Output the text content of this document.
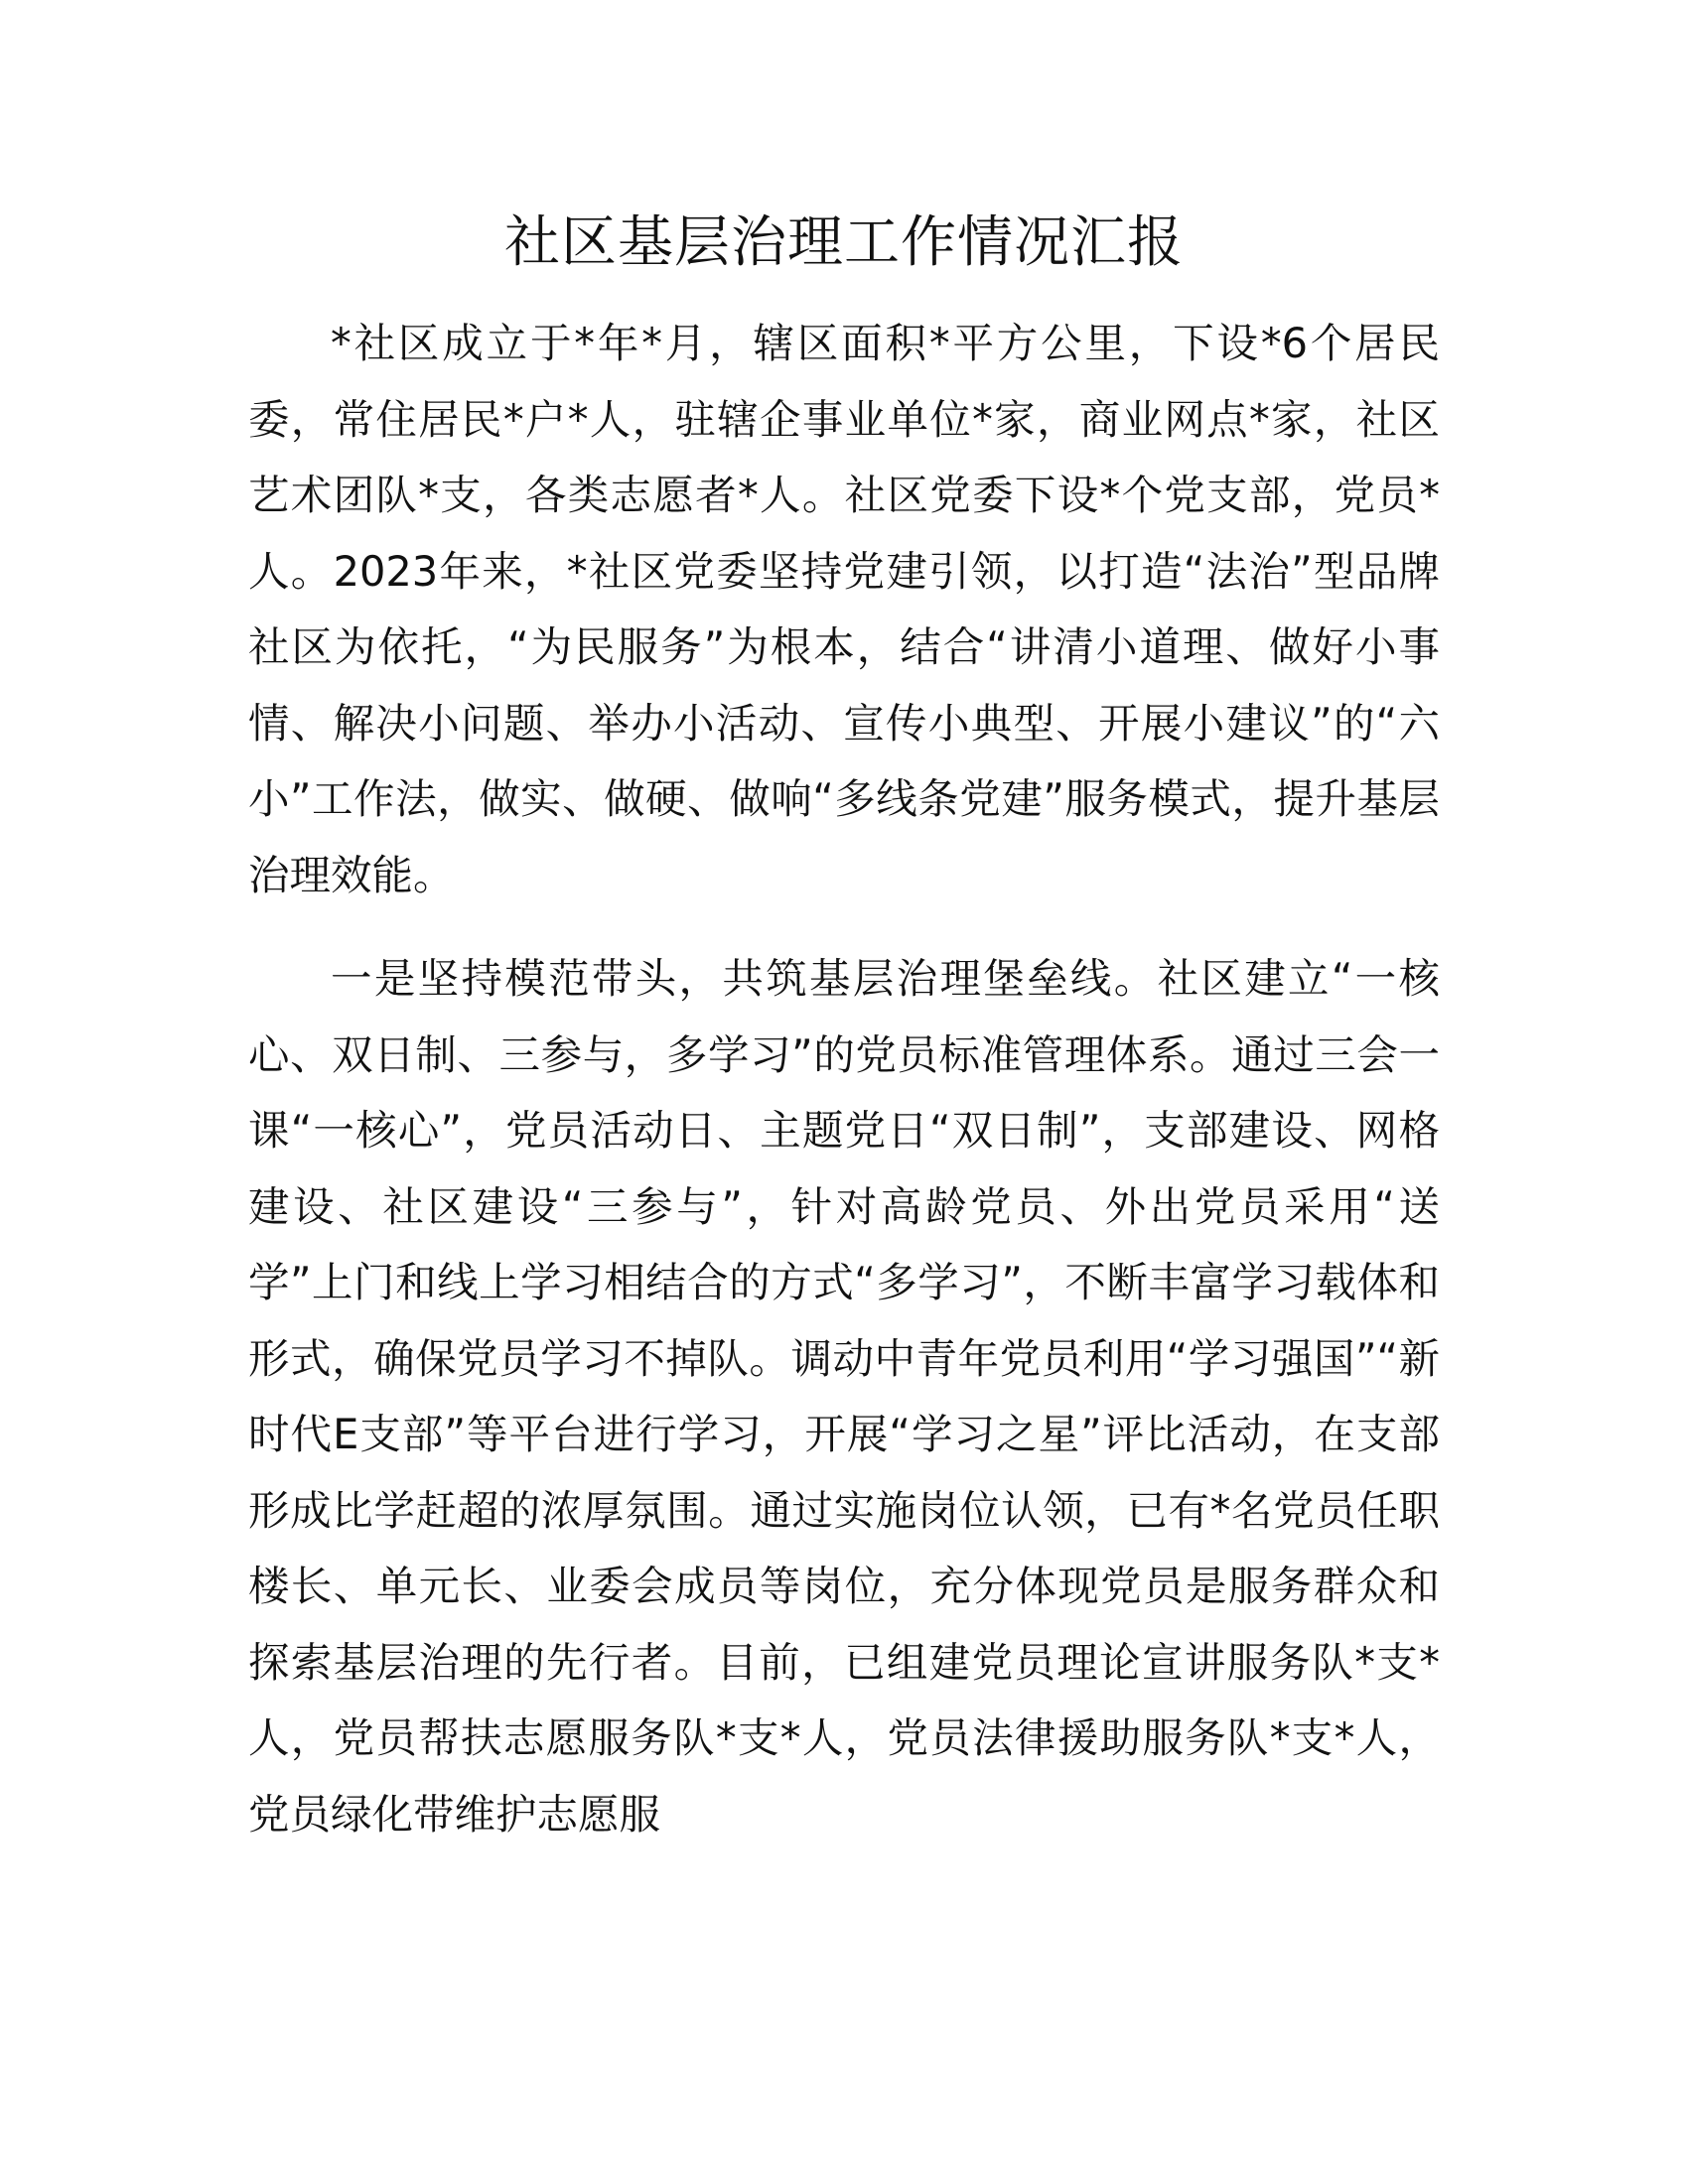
社区基层治理工作情况汇报

*社区成立于*年*月，辖区面积*平方公里，下设*6个居民委，常住居民*户*人，驻辖企事业单位*家，商业网点*家，社区艺术团队*支，各类志愿者*人。社区党委下设*个党支部，党员*人。2023年来，*社区党委坚持党建引领，以打造“法治”型品牌社区为依托，“为民服务”为根本，结合“讲清小道理、做好小事情、解决小问题、举办小活动、宣传小典型、开展小建议”的“六小”工作法，做实、做硬、做响“多线条党建”服务模式，提升基层治理效能。

一是坚持模范带头，共筑基层治理堡垒线。社区建立“一核心、双日制、三参与，多学习”的党员标准管理体系。通过三会一课“一核心”，党员活动日、主题党日“双日制”，支部建设、网格建设、社区建设“三参与”，针对高龄党员、外出党员采用“送学”上门和线上学习相结合的方式“多学习”，不断丰富学习载体和形式，确保党员学习不掉队。调动中青年党员利用“学习强国”“新时代E支部”等平台进行学习，开展“学习之星”评比活动，在支部形成比学赶超的浓厚氛围。通过实施岗位认领，已有*名党员任职楼长、单元长、业委会成员等岗位，充分体现党员是服务群众和探索基层治理的先行者。目前，已组建党员理论宣讲服务队*支*人，党员帮扶志愿服务队*支*人，党员法律援助服务队*支*人，党员绿化带维护志愿服
